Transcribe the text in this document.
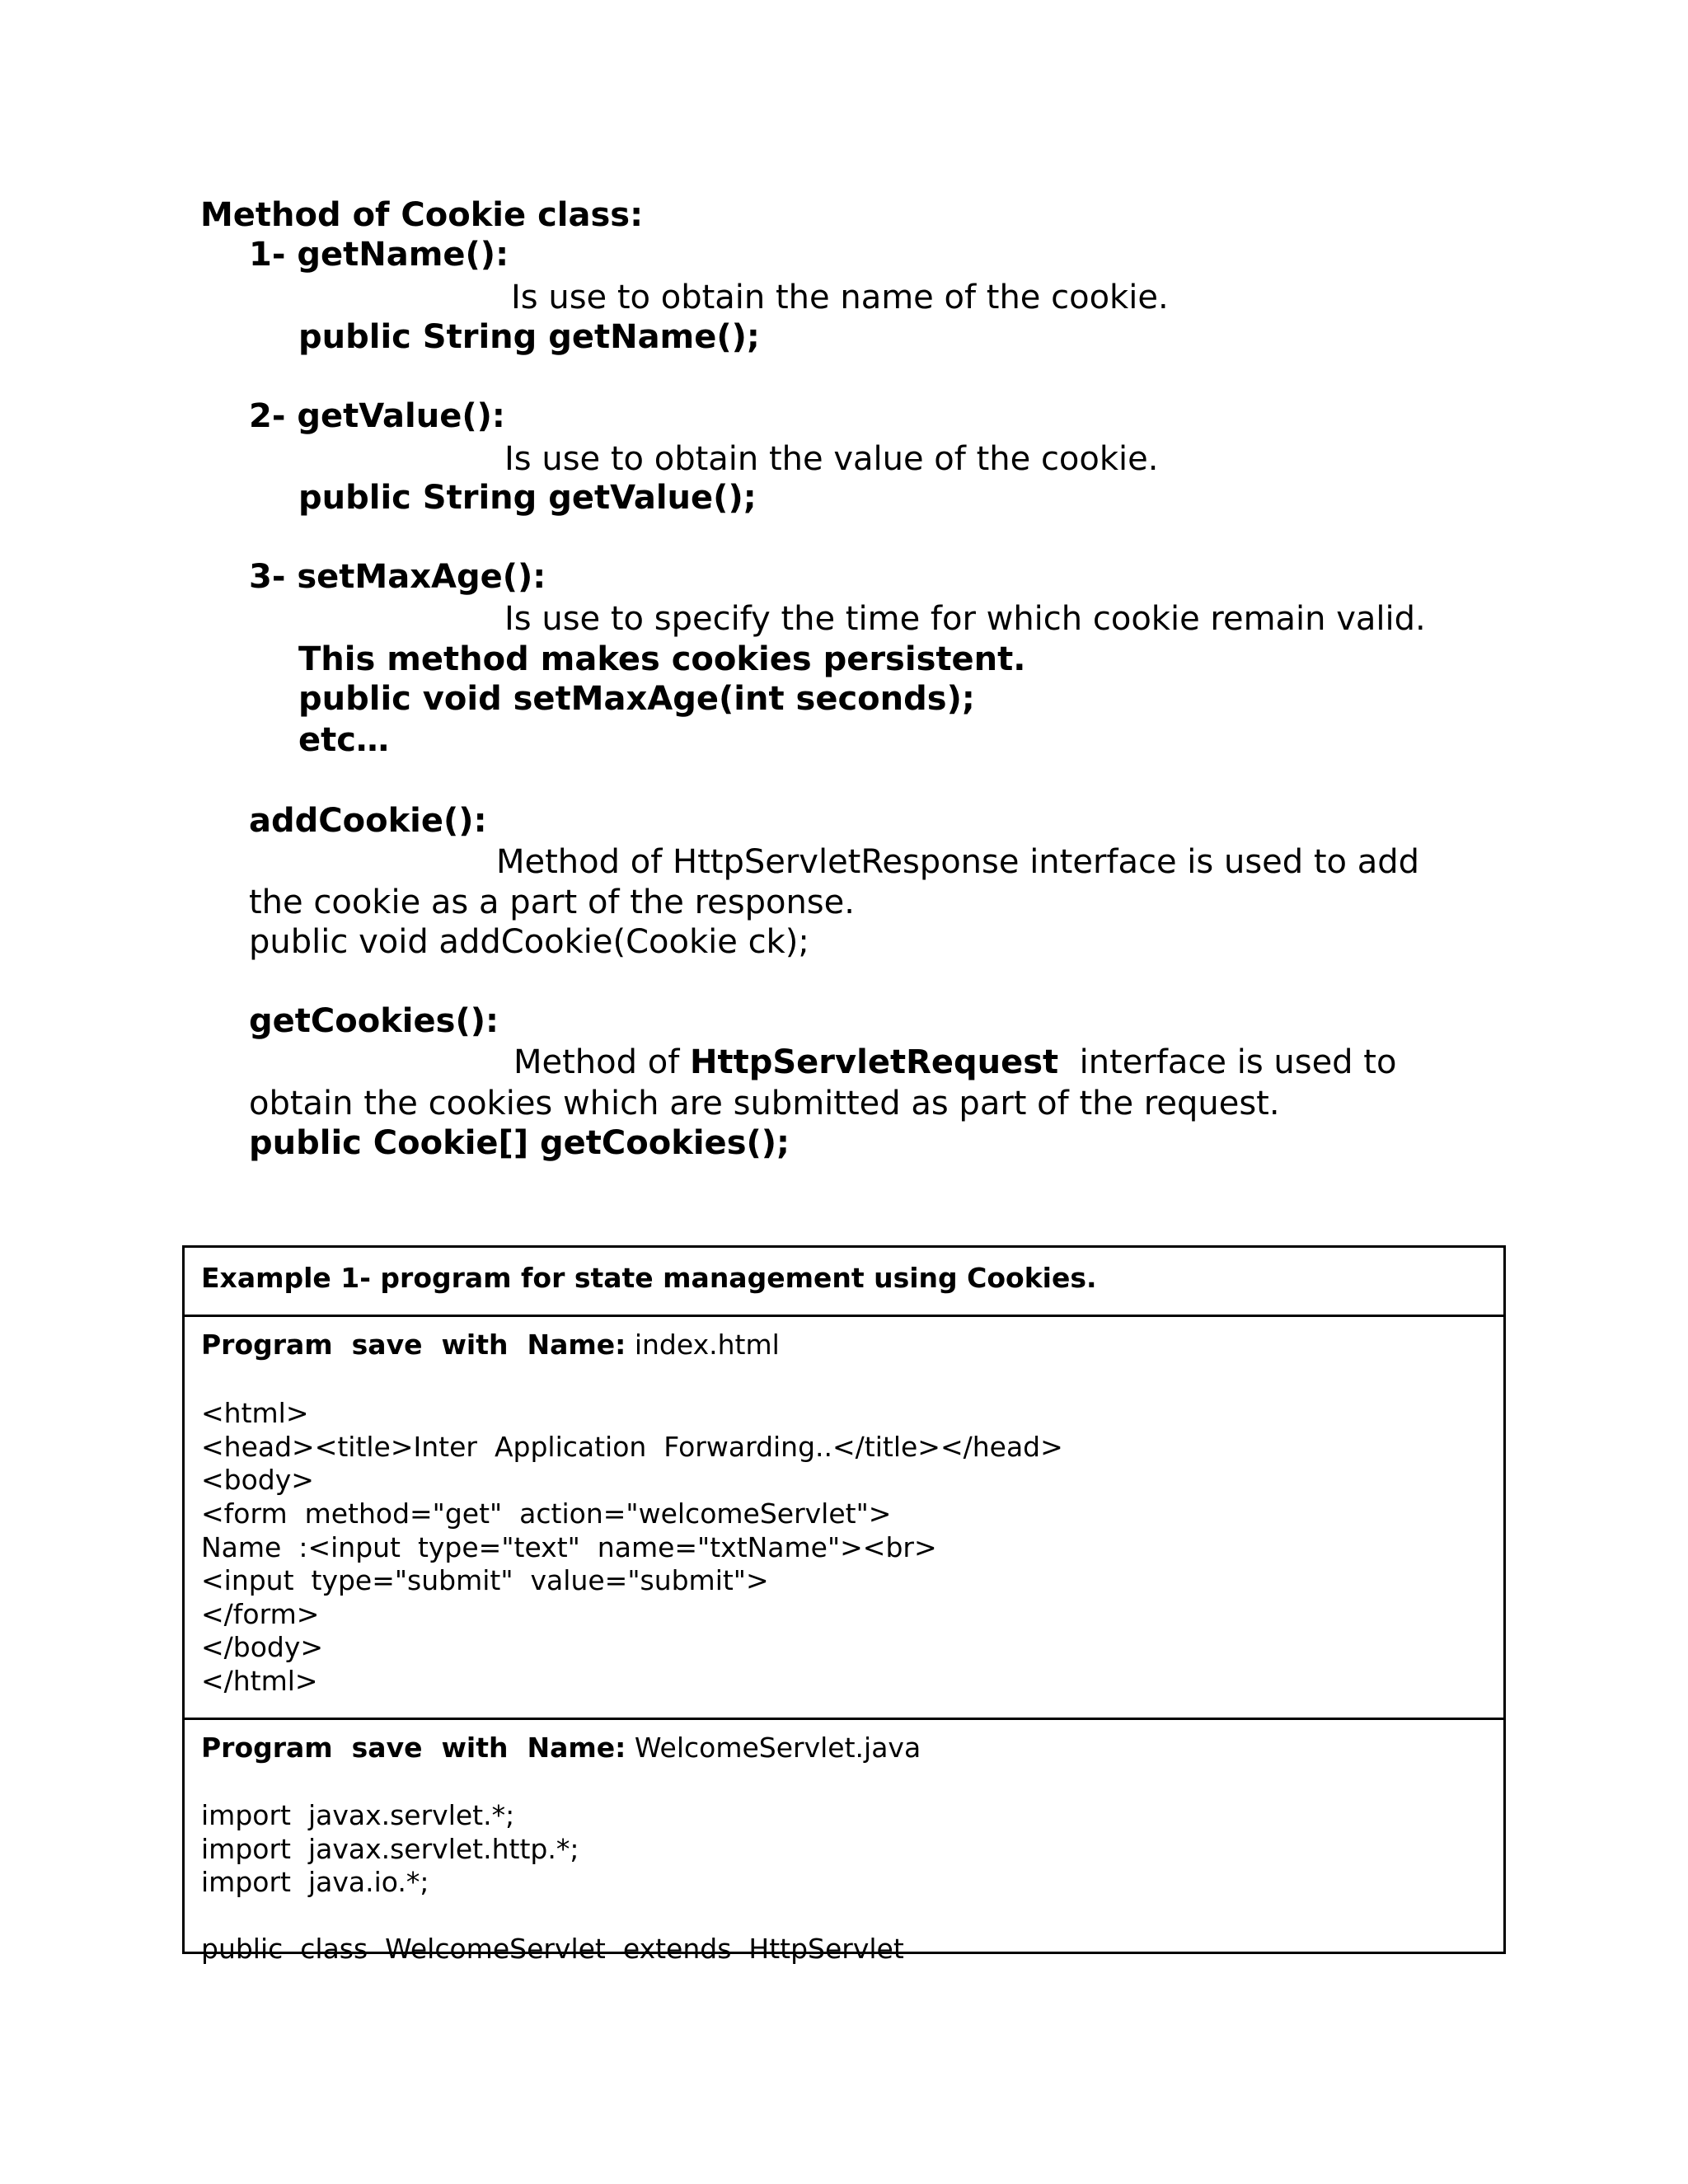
Method of Cookie class:
1- getName():
Is use to obtain the name of the cookie.
public String getName();
2- getValue():
Is use to obtain the value of the cookie.
public String getValue();
3- setMaxAge():
Is use to specify the time for which cookie remain valid.
This method makes cookies persistent.
public void setMaxAge(int seconds);
etc…
addCookie():
Method of HttpServletResponse interface is used to add
the cookie as a part of the response.
public void addCookie(Cookie ck);
getCookies():
Method of HttpServletRequest  interface is used to
obtain the cookies which are submitted as part of the request.
public Cookie[] getCookies();
Example 1- program for state management using Cookies.
Program  save  with  Name: index.html
<html>
<head><title>Inter  Application  Forwarding..</title></head>
<body>
<form  method="get"  action="welcomeServlet">
Name  :<input  type="text"  name="txtName"><br>
<input  type="submit"  value="submit">
</form>
</body>
</html>
Program  save  with  Name: WelcomeServlet.java
import  javax.servlet.*;
import  javax.servlet.http.*;
import  java.io.*;
public  class  WelcomeServlet  extends  HttpServlet
